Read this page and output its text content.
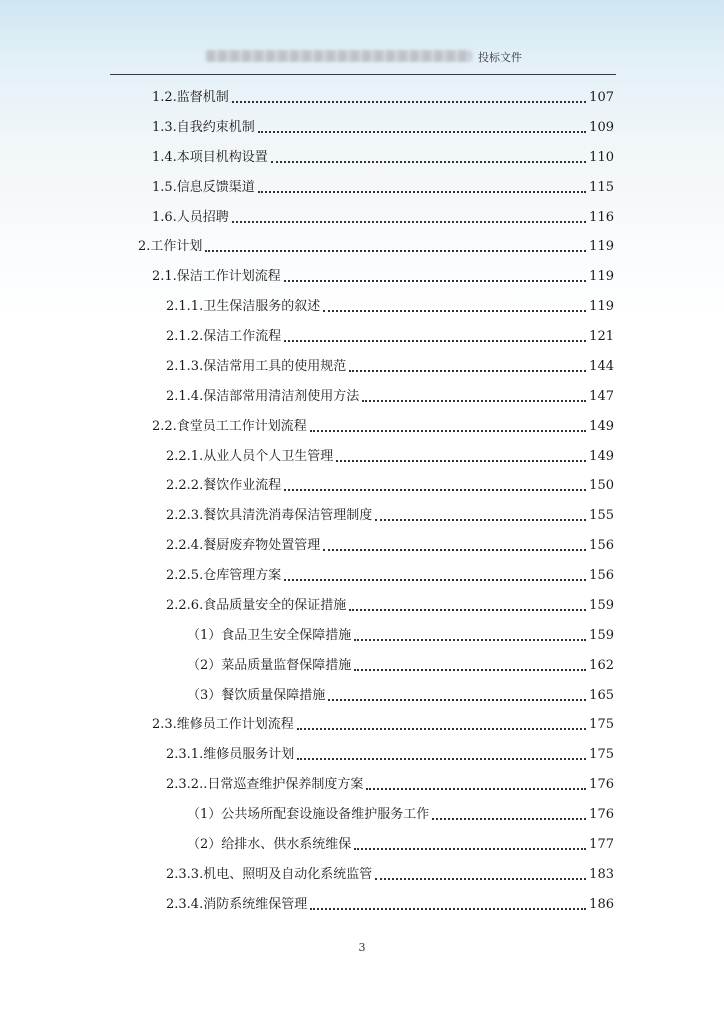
投标文件
1.2.监督机制	107
1.3.自我约束机制	109
1.4.本项目机构设置	110
1.5.信息反馈渠道	115
1.6.人员招聘	116
2.工作计划	119
2.1.保洁工作计划流程	119
2.1.1.卫生保洁服务的叙述	119
2.1.2.保洁工作流程	121
2.1.3.保洁常用工具的使用规范	144
2.1.4.保洁部常用清洁剂使用方法	147
2.2.食堂员工工作计划流程	149
2.2.1.从业人员个人卫生管理	149
2.2.2.餐饮作业流程	150
2.2.3.餐饮具清洗消毒保洁管理制度	155
2.2.4.餐厨废弃物处置管理	156
2.2.5.仓库管理方案	156
2.2.6.食品质量安全的保证措施	159
（1）食品卫生安全保障措施	159
（2）菜品质量监督保障措施	162
（3）餐饮质量保障措施	165
2.3.维修员工作计划流程	175
2.3.1.维修员服务计划	175
2.3.2..日常巡查维护保养制度方案	176
（1）公共场所配套设施设备维护服务工作	176
（2）给排水、供水系统维保	177
2.3.3.机电、照明及自动化系统监管	183
2.3.4.消防系统维保管理	186
3
